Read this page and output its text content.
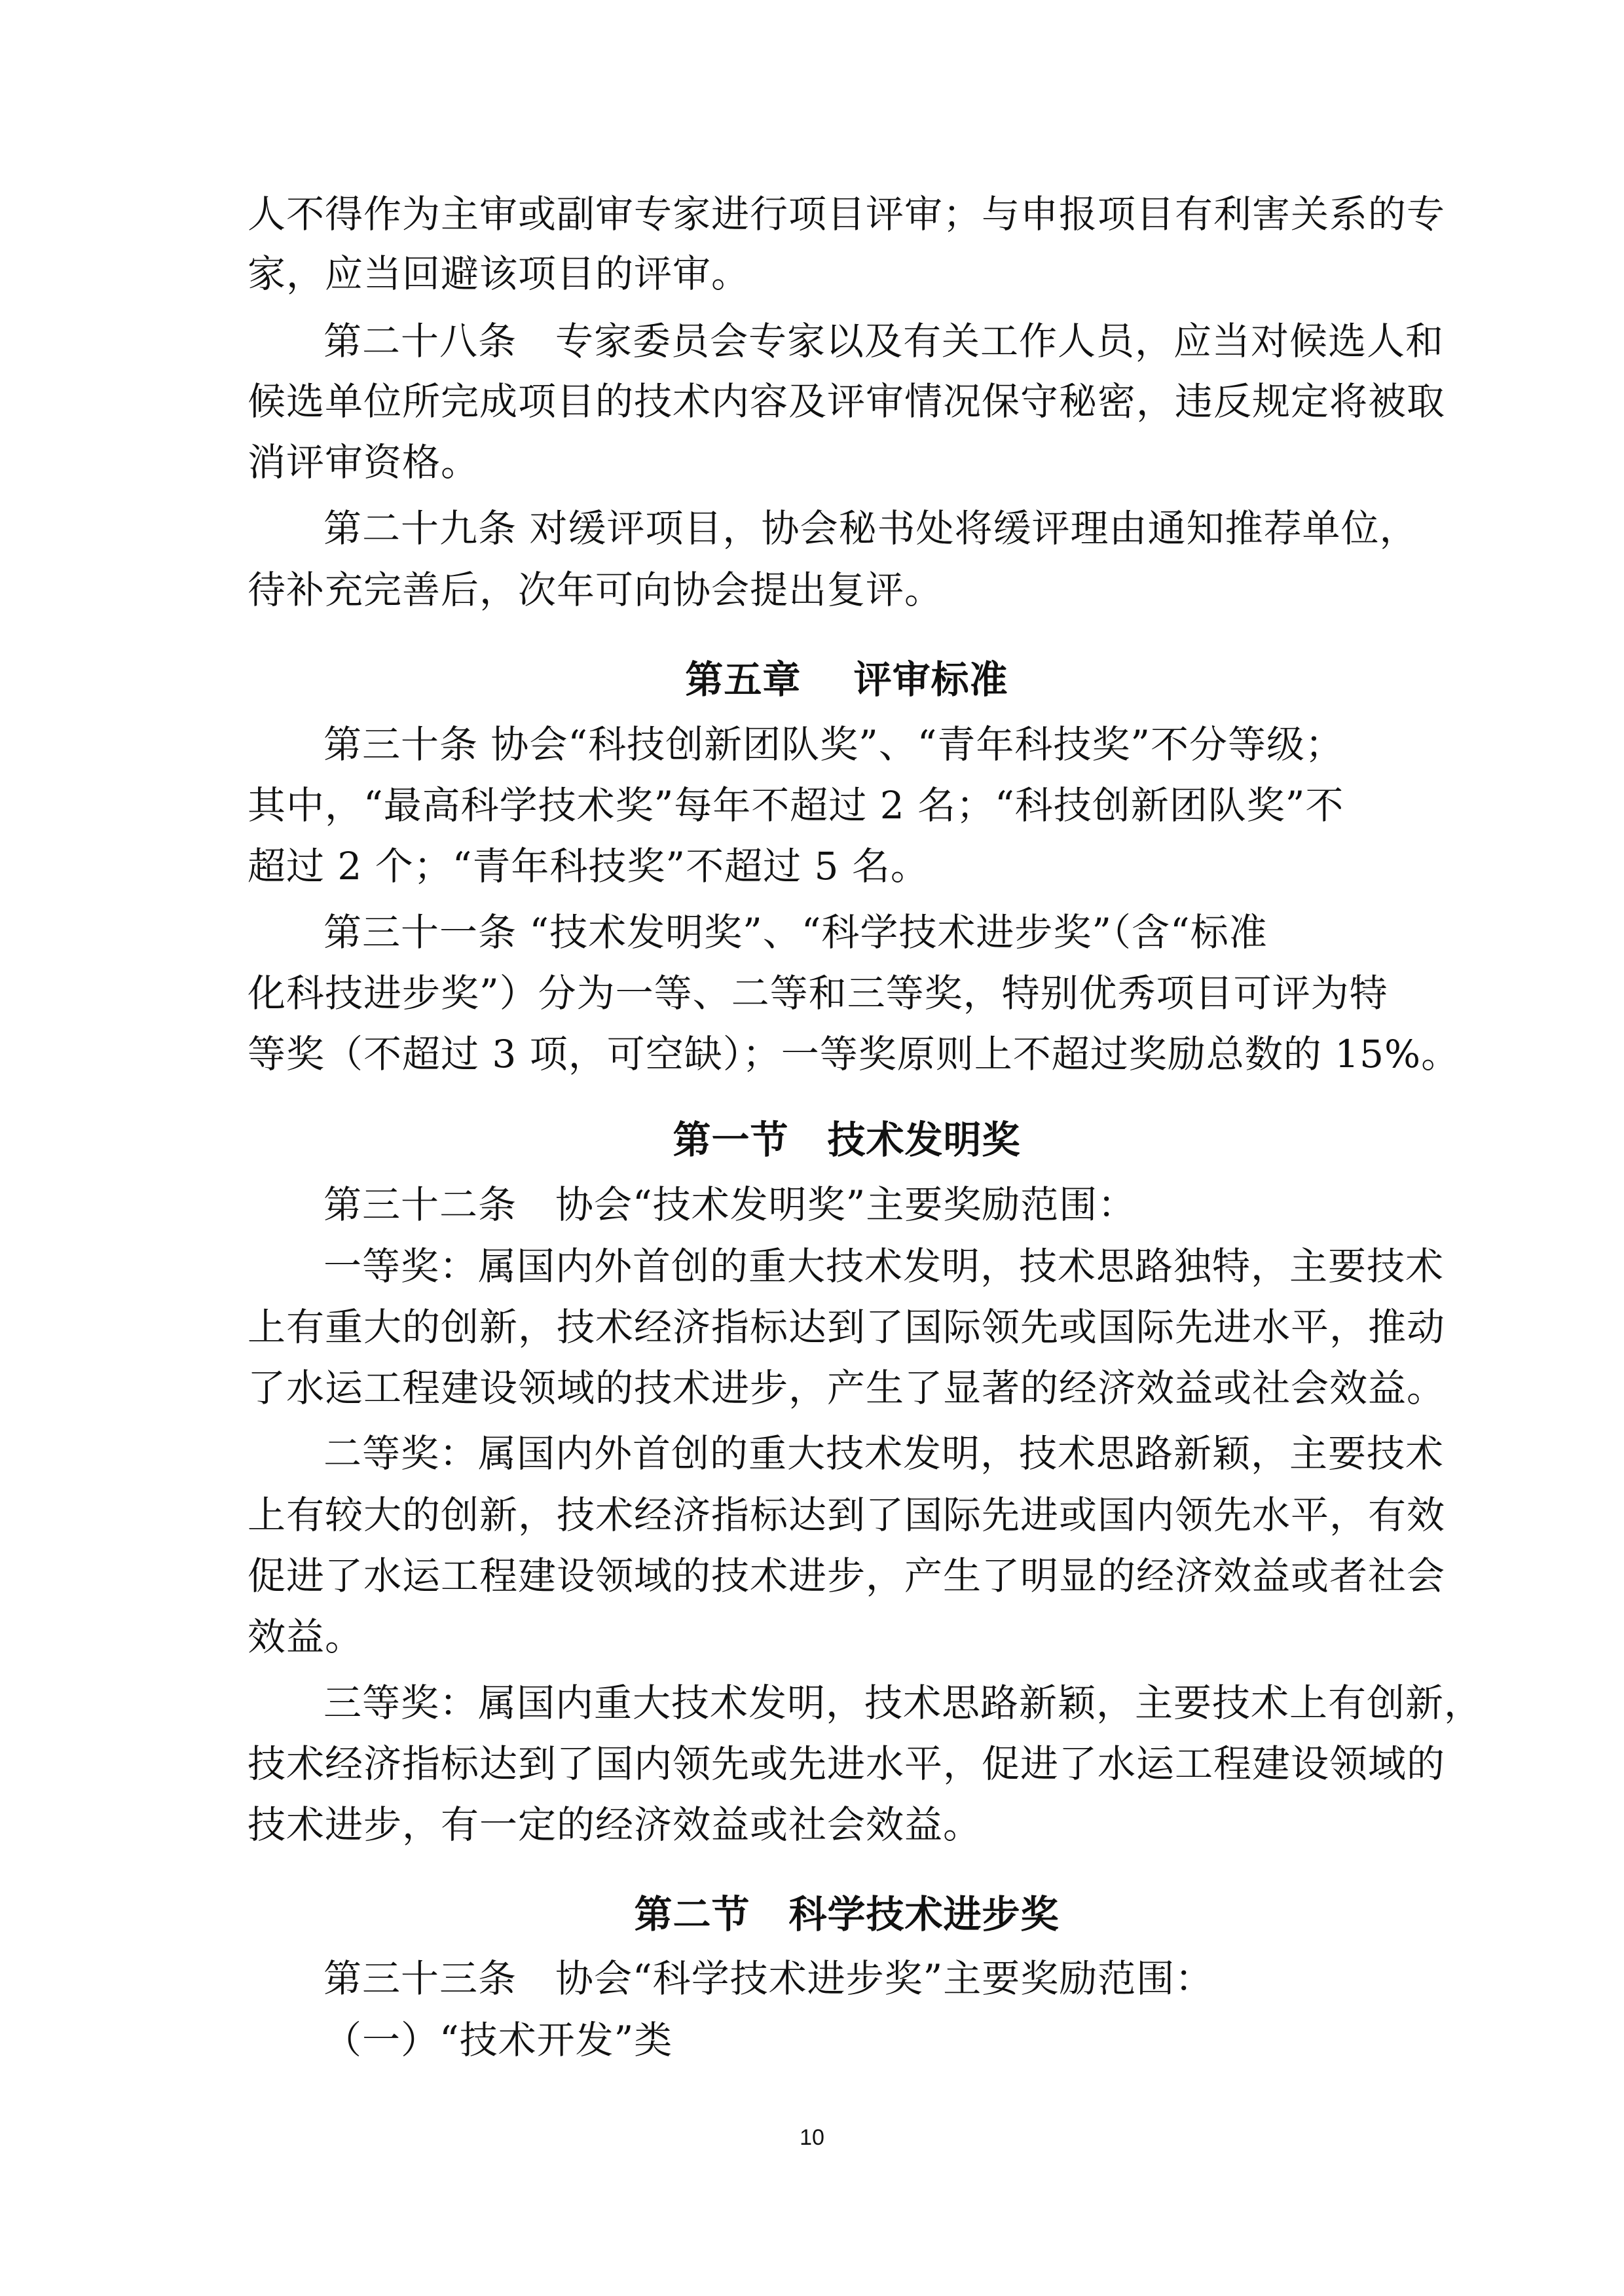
人不得作为主审或副审专家进行项目评审；与申报项目有利害关系的专
家，应当回避该项目的评审。
第二十八条　专家委员会专家以及有关工作人员，应当对候选人和
候选单位所完成项目的技术内容及评审情况保守秘密，违反规定将被取
消评审资格。
第二十九条 对缓评项目，协会秘书处将缓评理由通知推荐单位，
待补充完善后，次年可向协会提出复评。
第五章　 评审标准
第三十条 协会“科技创新团队奖”、“青年科技奖”不分等级；
其中，“最高科学技术奖”每年不超过 2 名；“科技创新团队奖”不
超过 2 个；“青年科技奖”不超过 5 名。
第三十一条 “技术发明奖”、“科学技术进步奖”（含“标准
化科技进步奖”）分为一等、二等和三等奖，特别优秀项目可评为特
等奖（不超过 3 项，可空缺）；一等奖原则上不超过奖励总数的 15%。
第一节　技术发明奖
第三十二条　协会“技术发明奖”主要奖励范围：
一等奖：属国内外首创的重大技术发明，技术思路独特，主要技术
上有重大的创新，技术经济指标达到了国际领先或国际先进水平，推动
了水运工程建设领域的技术进步，产生了显著的经济效益或社会效益。
二等奖：属国内外首创的重大技术发明，技术思路新颖，主要技术
上有较大的创新，技术经济指标达到了国际先进或国内领先水平，有效
促进了水运工程建设领域的技术进步，产生了明显的经济效益或者社会
效益。
三等奖：属国内重大技术发明，技术思路新颖，主要技术上有创新，
技术经济指标达到了国内领先或先进水平，促进了水运工程建设领域的
技术进步，有一定的经济效益或社会效益。
第二节　科学技术进步奖
第三十三条　协会“科学技术进步奖”主要奖励范围：
（一）“技术开发”类
10
